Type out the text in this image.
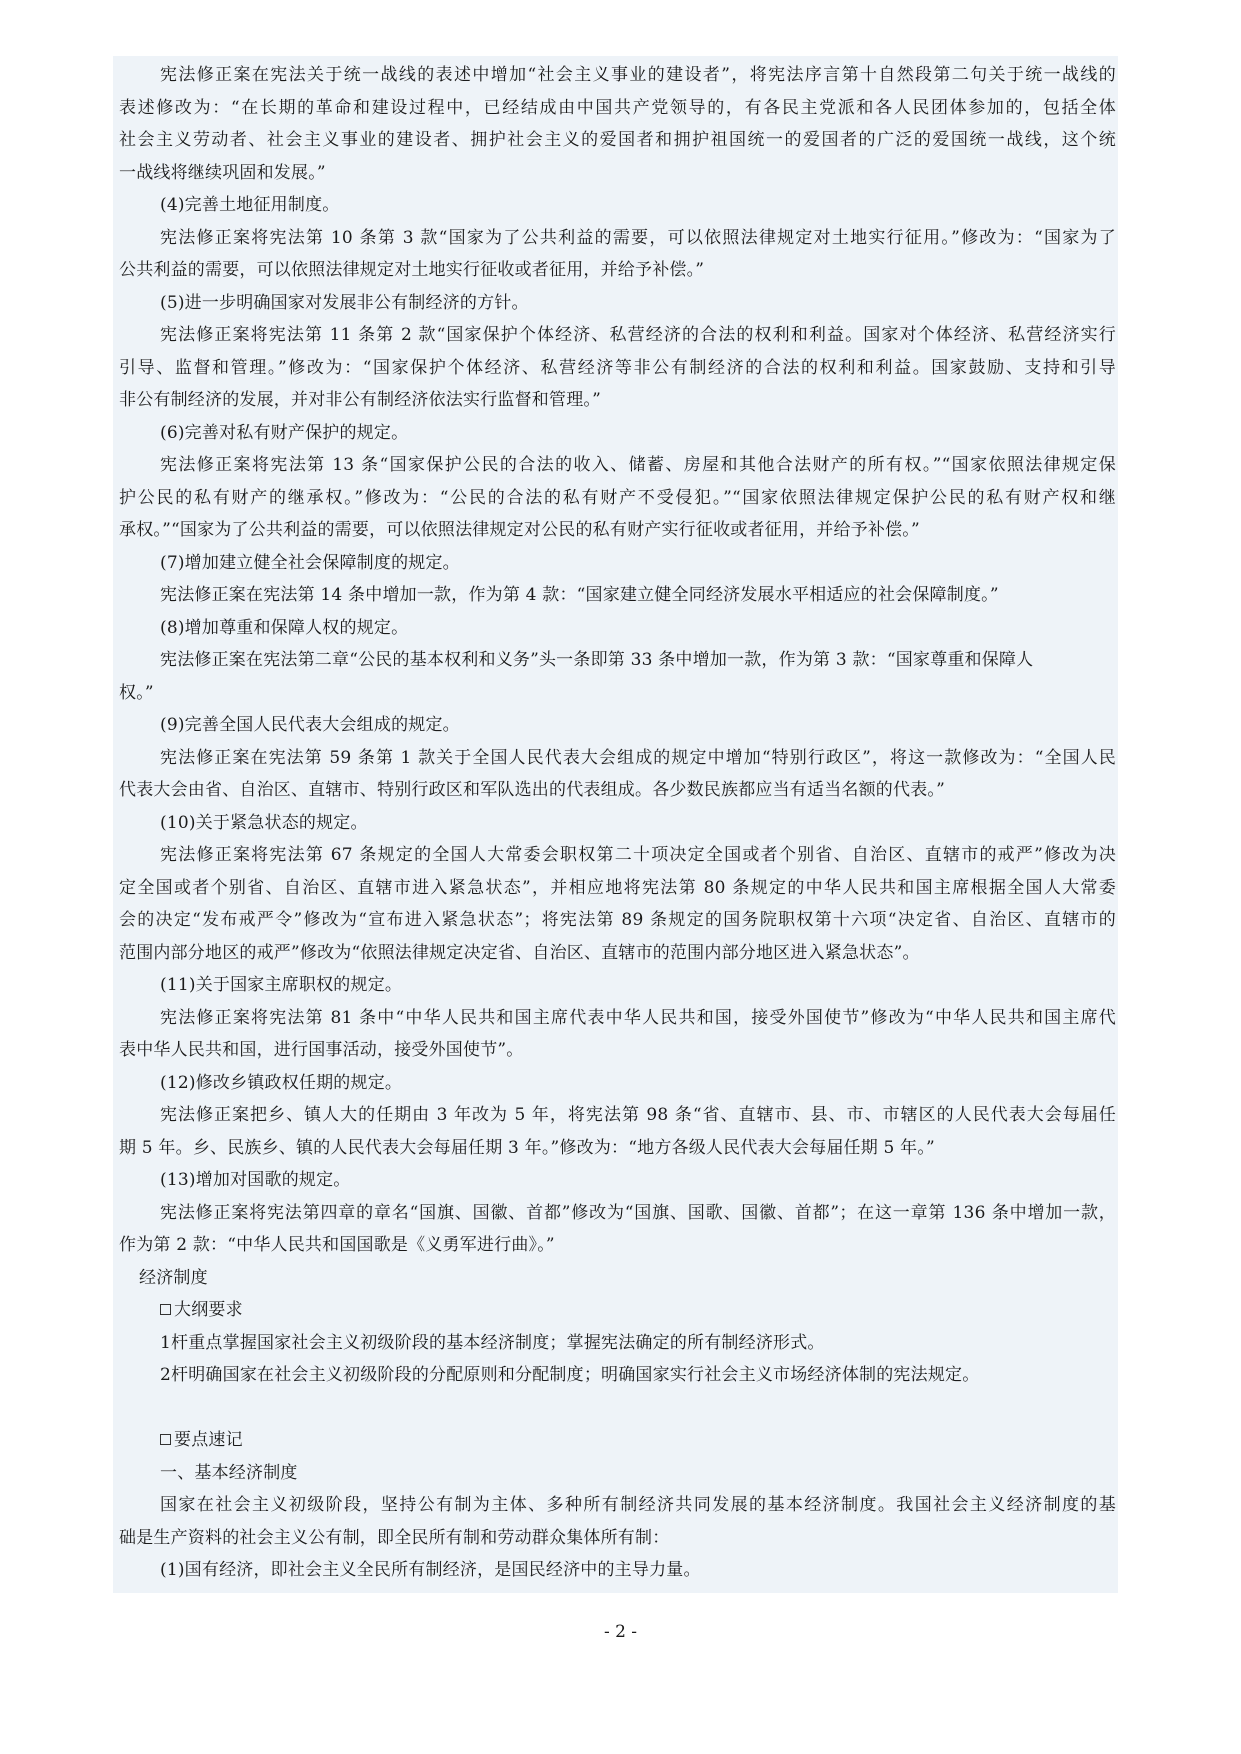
宪法修正案在宪法关于统一战线的表述中增加“社会主义事业的建设者”，将宪法序言第十自然段第二句关于统一战线的
表述修改为：“在长期的革命和建设过程中，已经结成由中国共产党领导的，有各民主党派和各人民团体参加的，包括全体
社会主义劳动者、社会主义事业的建设者、拥护社会主义的爱国者和拥护祖国统一的爱国者的广泛的爱国统一战线，这个统
一战线将继续巩固和发展。”
(4)完善土地征用制度。
宪法修正案将宪法第 10 条第 3 款“国家为了公共利益的需要，可以依照法律规定对土地实行征用。”修改为：“国家为了
公共利益的需要，可以依照法律规定对土地实行征收或者征用，并给予补偿。”
(5)进一步明确国家对发展非公有制经济的方针。
宪法修正案将宪法第 11 条第 2 款“国家保护个体经济、私营经济的合法的权利和利益。国家对个体经济、私营经济实行
引导、监督和管理。”修改为：“国家保护个体经济、私营经济等非公有制经济的合法的权利和利益。国家鼓励、支持和引导
非公有制经济的发展，并对非公有制经济依法实行监督和管理。”
(6)完善对私有财产保护的规定。
宪法修正案将宪法第 13 条“国家保护公民的合法的收入、储蓄、房屋和其他合法财产的所有权。”“国家依照法律规定保
护公民的私有财产的继承权。”修改为：“公民的合法的私有财产不受侵犯。”“国家依照法律规定保护公民的私有财产权和继
承权。”“国家为了公共利益的需要，可以依照法律规定对公民的私有财产实行征收或者征用，并给予补偿。”
(7)增加建立健全社会保障制度的规定。
宪法修正案在宪法第 14 条中增加一款，作为第 4 款：“国家建立健全同经济发展水平相适应的社会保障制度。”
(8)增加尊重和保障人权的规定。
宪法修正案在宪法第二章“公民的基本权利和义务”头一条即第 33 条中增加一款，作为第 3 款：“国家尊重和保障人
权。”
(9)完善全国人民代表大会组成的规定。
宪法修正案在宪法第 59 条第 1 款关于全国人民代表大会组成的规定中增加“特别行政区”，将这一款修改为：“全国人民
代表大会由省、自治区、直辖市、特别行政区和军队选出的代表组成。各少数民族都应当有适当名额的代表。”
(10)关于紧急状态的规定。
宪法修正案将宪法第 67 条规定的全国人大常委会职权第二十项决定全国或者个别省、自治区、直辖市的戒严”修改为决
定全国或者个别省、自治区、直辖市进入紧急状态”，并相应地将宪法第 80 条规定的中华人民共和国主席根据全国人大常委
会的决定“发布戒严令”修改为“宣布进入紧急状态”；将宪法第 89 条规定的国务院职权第十六项“决定省、自治区、直辖市的
范围内部分地区的戒严”修改为“依照法律规定决定省、自治区、直辖市的范围内部分地区进入紧急状态”。
(11)关于国家主席职权的规定。
宪法修正案将宪法第 81 条中“中华人民共和国主席代表中华人民共和国，接受外国使节”修改为“中华人民共和国主席代
表中华人民共和国，进行国事活动，接受外国使节”。
(12)修改乡镇政权任期的规定。
宪法修正案把乡、镇人大的任期由 3 年改为 5 年，将宪法第 98 条“省、直辖市、县、市、市辖区的人民代表大会每届任
期 5 年。乡、民族乡、镇的人民代表大会每届任期 3 年。”修改为：“地方各级人民代表大会每届任期 5 年。”
(13)增加对国歌的规定。
宪法修正案将宪法第四章的章名“国旗、国徽、首都”修改为“国旗、国歌、国徽、首都”；在这一章第 136 条中增加一款，
作为第 2 款：“中华人民共和国国歌是《义勇军进行曲》。”
经济制度
大纲要求
1杆重点掌握国家社会主义初级阶段的基本经济制度；掌握宪法确定的所有制经济形式。
2杆明确国家在社会主义初级阶段的分配原则和分配制度；明确国家实行社会主义市场经济体制的宪法规定。
要点速记
一、基本经济制度
国家在社会主义初级阶段，坚持公有制为主体、多种所有制经济共同发展的基本经济制度。我国社会主义经济制度的基
础是生产资料的社会主义公有制，即全民所有制和劳动群众集体所有制：
(1)国有经济，即社会主义全民所有制经济，是国民经济中的主导力量。
- 2 -
